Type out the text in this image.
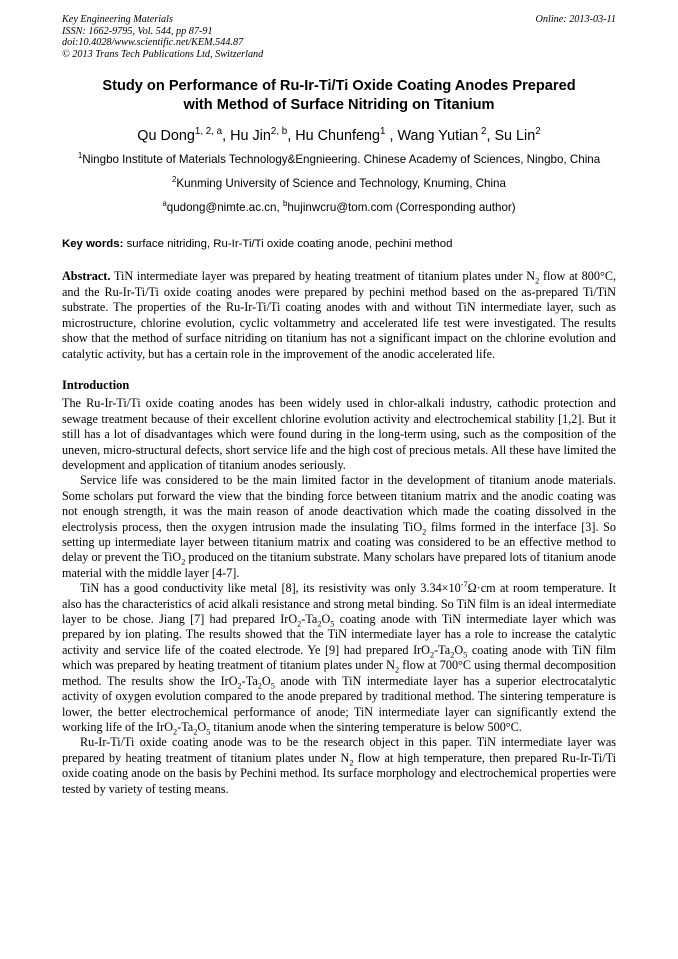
Key Engineering Materials
ISSN: 1662-9795, Vol. 544, pp 87-91
doi:10.4028/www.scientific.net/KEM.544.87
© 2013 Trans Tech Publications Ltd, Switzerland
Online: 2013-03-11
Study on Performance of Ru-Ir-Ti/Ti Oxide Coating Anodes Prepared
with Method of Surface Nitriding on Titanium
Qu Dong$^{1, 2, a}$, Hu Jin$^{2, b}$, Hu Chunfeng$^1$ , Wang Yutian $^2$, Su Lin$^2$
$^1$Ningbo Institute of Materials Technology&Engnieering. Chinese Academy of Sciences, Ningbo, China
$^2$Kunming University of Science and Technology, Knuming, China
$^a$qudong@nimte.ac.cn, $^b$hujinwcru@tom.com (Corresponding author)
Key words: surface nitriding, Ru-Ir-Ti/Ti oxide coating anode, pechini method
Abstract. TiN intermediate layer was prepared by heating treatment of titanium plates under $N_2$ flow at 800°C, and the Ru-Ir-Ti/Ti oxide coating anodes were prepared by pechini method based on the as-prepared Ti/TiN substrate. The properties of the Ru-Ir-Ti/Ti coating anodes with and without TiN intermediate layer, such as microstructure, chlorine evolution, cyclic voltammetry and accelerated life test were investigated. The results show that the method of surface nitriding on titanium has not a significant impact on the chlorine evolution and catalytic activity, but has a certain role in the improvement of the anodic accelerated life.
Introduction

The Ru-Ir-Ti/Ti oxide coating anodes has been widely used in chlor-alkali industry, cathodic protection and sewage treatment because of their excellent chlorine evolution activity and electrochemical stability [1,2]. But it still has a lot of disadvantages which were found during in the long-term using, such as the composition of the uneven, micro-structural defects, short service life and the high cost of precious metals. All these have limited the development and application of titanium anodes seriously.

Service life was considered to be the main limited factor in the development of titanium anode materials. Some scholars put forward the view that the binding force between titanium matrix and the anodic coating was not enough strength, it was the main reason of anode deactivation which made the coating dissolved in the electrolysis process, then the oxygen intrusion made the insulating TiO$_2$ films formed in the interface [3]. So setting up intermediate layer between titanium matrix and coating was considered to be an effective method to delay or prevent the TiO$_2$ produced on the titanium substrate. Many scholars have prepared lots of titanium anode material with the middle layer [4-7].

TiN has a good conductivity like metal [8], its resistivity was only $3.34\times 10^{-7}\Omega\cdot cm$ at room temperature. It also has the characteristics of acid alkali resistance and strong metal binding. So TiN film is an ideal intermediate layer to be chose. Jiang [7] had prepared $IrO_2-Ta_2O_5$ coating anode with TiN intermediate layer which was prepared by ion plating. The results showed that the TiN intermediate layer has a role to increase the catalytic activity and service life of the coated electrode. Ye [9] had prepared $IrO_2-Ta_2O_5$ coating anode with TiN film which was prepared by heating treatment of titanium plates under $N_2$ flow at 700°C using thermal decomposition method. The results show the $IrO_2-Ta_2O_5$ anode with TiN intermediate layer has a superior electrocatalytic activity of oxygen evolution compared to the anode prepared by traditional method. The sintering temperature is lower, the better electrochemical performance of anode; TiN intermediate layer can significantly extend the working life of the $IrO_2-Ta_2O_5$ titanium anode when the sintering temperature is below 500°C.

Ru-Ir-Ti/Ti oxide coating anode was to be the research object in this paper. TiN intermediate layer was prepared by heating treatment of titanium plates under $N_2$ flow at high temperature, then prepared Ru-Ir-Ti/Ti oxide coating anode on the basis by Pechini method. Its surface morphology and electrochemical properties were tested by variety of testing means.
